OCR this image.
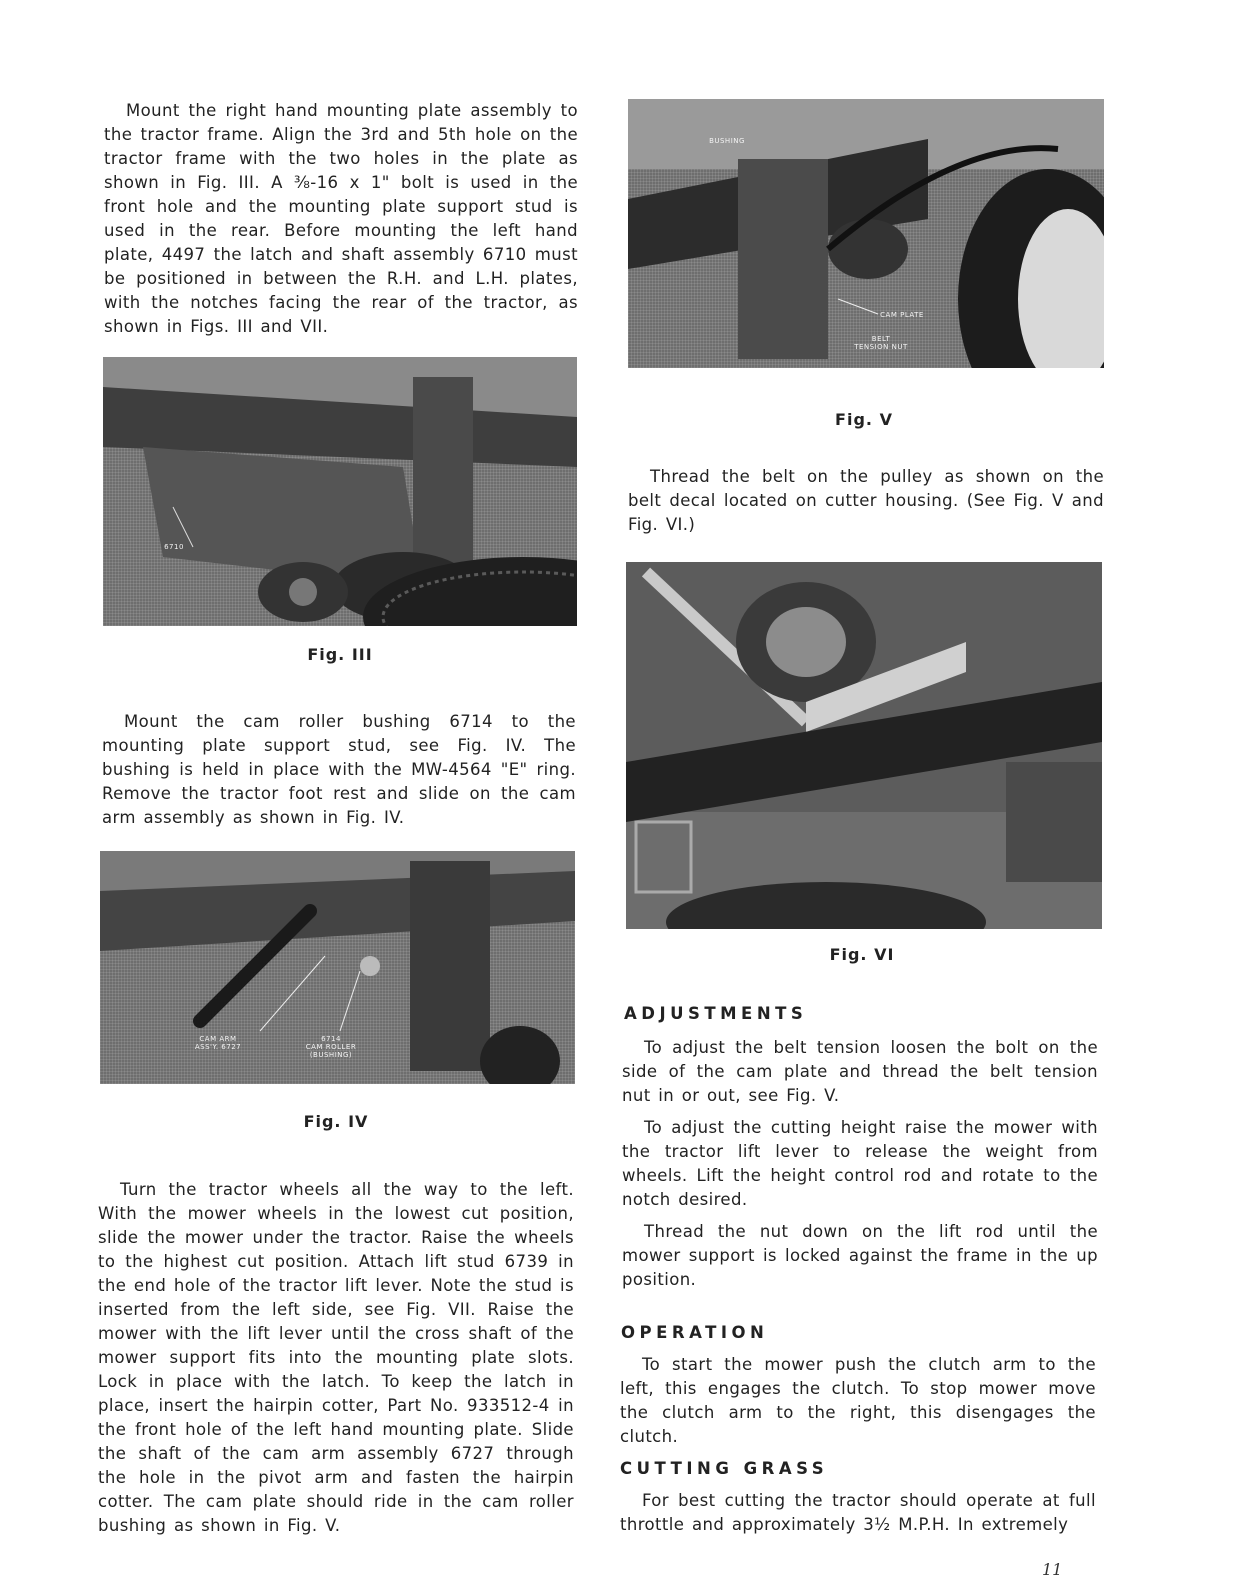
Mount the right hand mounting plate assembly to the tractor frame. Align the 3rd and 5th hole on the tractor frame with the two holes in the plate as shown in Fig. III. A ⅜-16 x 1" bolt is used in the front hole and the mounting plate support stud is used in the rear. Before mounting the left hand plate, 4497 the latch and shaft assembly 6710 must be positioned in between the R.H. and L.H. plates, with the notches facing the rear of the tractor, as shown in Figs. III and VII.
6710
Fig. III
Mount the cam roller bushing 6714 to the mounting plate support stud, see Fig. IV. The bushing is held in place with the MW-4564 "E" ring. Remove the tractor foot rest and slide on the cam arm assembly as shown in Fig. IV.
CAM ARM
ASS'Y. 6727
6714
CAM ROLLER
(BUSHING)
Fig. IV
Turn the tractor wheels all the way to the left. With the mower wheels in the lowest cut position, slide the mower under the tractor. Raise the wheels to the highest cut position. Attach lift stud 6739 in the end hole of the tractor lift lever. Note the stud is inserted from the left side, see Fig. VII. Raise the mower with the lift lever until the cross shaft of the mower support fits into the mounting plate slots. Lock in place with the latch. To keep the latch in place, insert the hairpin cotter, Part No. 933512-4 in the front hole of the left hand mounting plate. Slide the shaft of the cam arm assembly 6727 through the hole in the pivot arm and fasten the hairpin cotter. The cam plate should ride in the cam roller bushing as shown in Fig. V.
BUSHING
CAM PLATE
BELT
TENSION NUT
Fig. V
Thread the belt on the pulley as shown on the belt decal located on cutter housing. (See Fig. V and Fig. VI.)
Fig. VI
ADJUSTMENTS

To adjust the belt tension loosen the bolt on the side of the cam plate and thread the belt tension nut in or out, see Fig. V.

To adjust the cutting height raise the mower with the tractor lift lever to release the weight from wheels. Lift the height control rod and rotate to the notch desired.

Thread the nut down on the lift rod until the mower support is locked against the frame in the up position.

OPERATION

To start the mower push the clutch arm to the left, this engages the clutch. To stop mower move the clutch arm to the right, this disengages the clutch.

CUTTING GRASS

For best cutting the tractor should operate at full throttle and approximately 3½ M.P.H. In extremely

11
